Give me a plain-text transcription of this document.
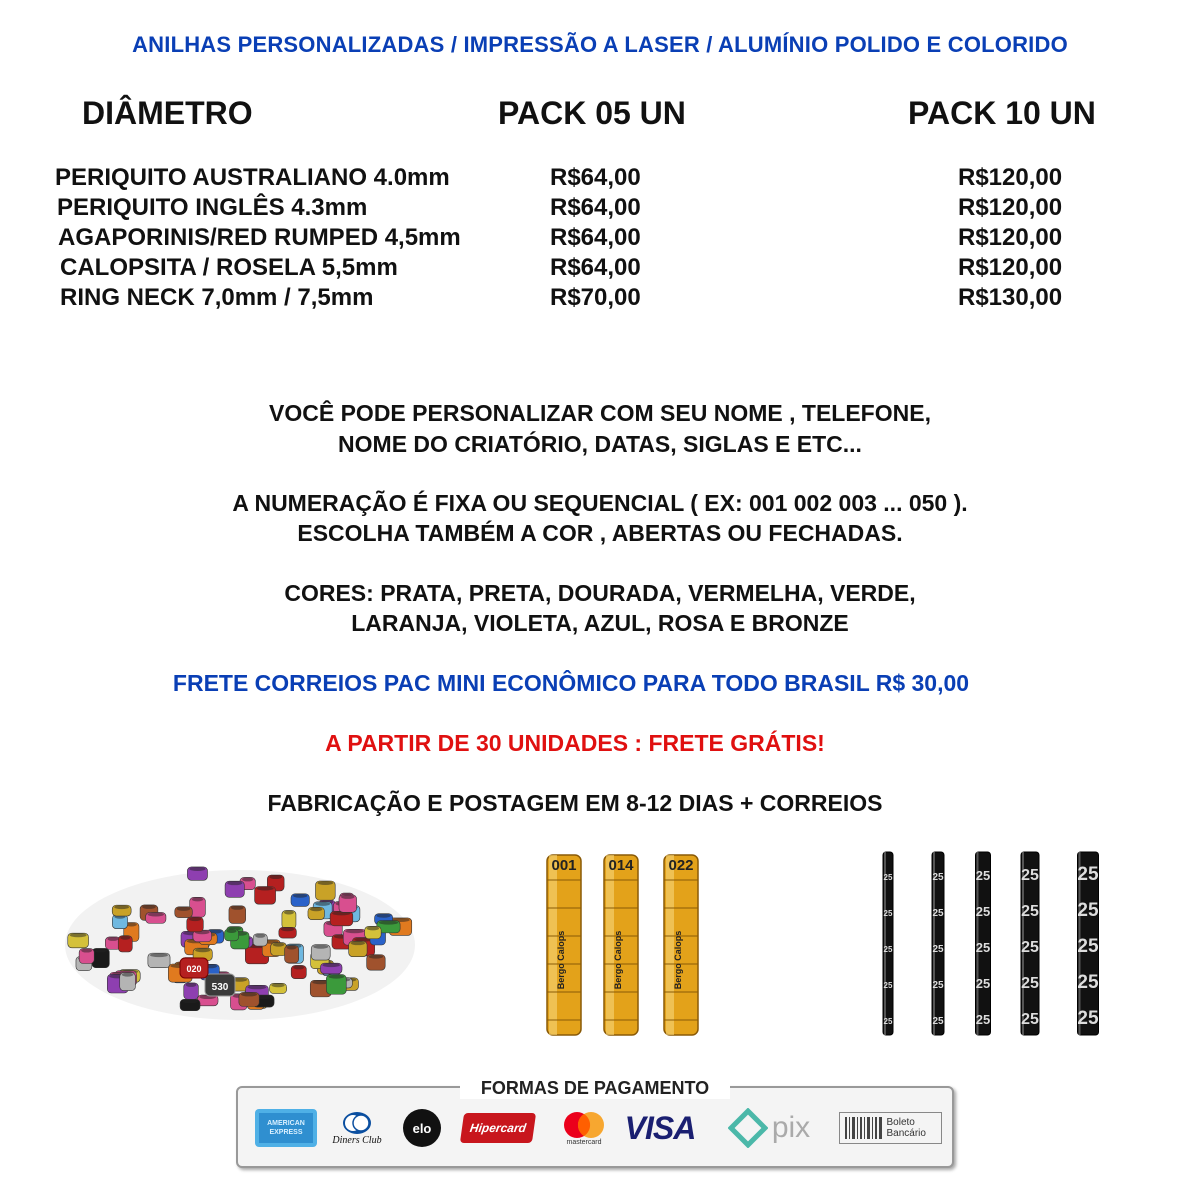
ANILHAS PERSONALIZADAS / IMPRESSÃO A LASER / ALUMÍNIO POLIDO E COLORIDO
DIÂMETRO	PACK 05 UN	PACK 10 UN
PERIQUITO AUSTRALIANO 4.0mm	R$64,00	R$120,00
PERIQUITO INGLÊS 4.3mm	R$64,00	R$120,00
AGAPORINIS/RED RUMPED 4,5mm	R$64,00	R$120,00
CALOPSITA / ROSELA 5,5mm	R$64,00	R$120,00
RING NECK 7,0mm / 7,5mm	R$70,00	R$130,00
VOCÊ PODE PERSONALIZAR COM SEU NOME , TELEFONE,
NOME DO CRIATÓRIO, DATAS, SIGLAS E ETC...
A NUMERAÇÃO É FIXA OU SEQUENCIAL ( EX: 001 002 003 ... 050 ).
ESCOLHA TAMBÉM A COR , ABERTAS OU FECHADAS.
CORES: PRATA, PRETA, DOURADA, VERMELHA, VERDE,
LARANJA, VIOLETA, AZUL, ROSA E BRONZE
FRETE CORREIOS PAC MINI ECONÔMICO PARA TODO BRASIL R$ 30,00
A PARTIR DE 30 UNIDADES : FRETE GRÁTIS!
FABRICAÇÃO E POSTAGEM EM 8-12 DIAS + CORREIOS
530
020
001
Bergo Calops
014
Bergo Calops
022
Bergo Calops
25
25
25
25
25
25
25
25
25
25
25
25
25
25
25
25
25
25
25
25
25
25
25
25
25
FORMAS DE PAGAMENTO
AMERICAN EXPRESS
Diners Club
elo	Hipercard
mastercard VISA	pix	Boleto Bancário
